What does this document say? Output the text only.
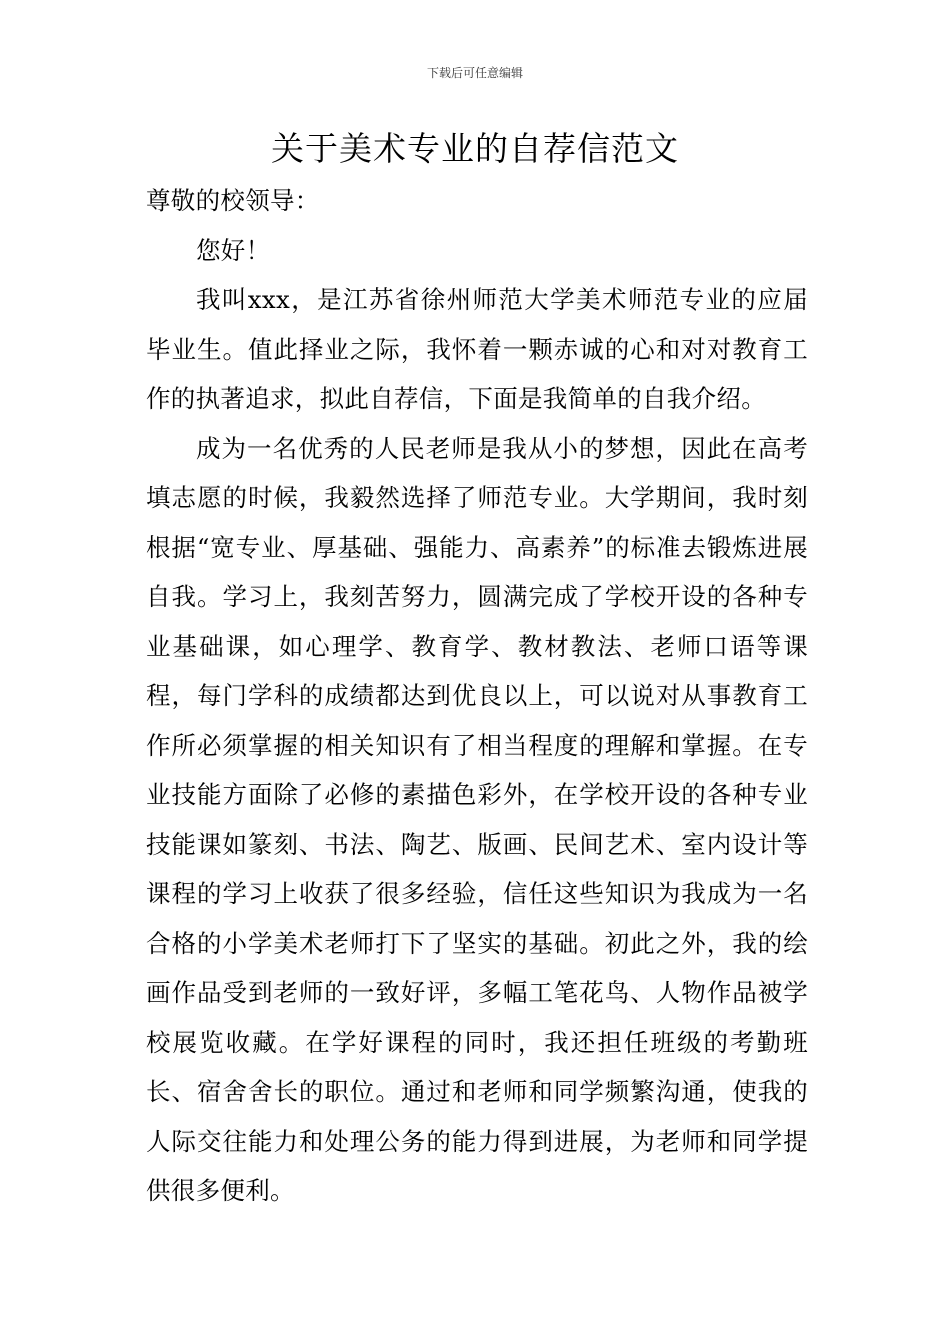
下载后可任意编辑
关于美术专业的自荐信范文

尊敬的校领导：

您好！

我叫xxx，是江苏省徐州师范大学美术师范专业的应届毕业生。值此择业之际，我怀着一颗赤诚的心和对对教育工作的执著追求，拟此自荐信，下面是我简单的自我介绍。

成为一名优秀的人民老师是我从小的梦想，因此在高考填志愿的时候，我毅然选择了师范专业。大学期间，我时刻根据“宽专业、厚基础、强能力、高素养”的标准去锻炼进展自我。学习上，我刻苦努力，圆满完成了学校开设的各种专业基础课，如心理学、教育学、教材教法、老师口语等课程，每门学科的成绩都达到优良以上，可以说对从事教育工作所必须掌握的相关知识有了相当程度的理解和掌握。在专业技能方面除了必修的素描色彩外，在学校开设的各种专业技能课如篆刻、书法、陶艺、版画、民间艺术、室内设计等课程的学习上收获了很多经验，信任这些知识为我成为一名合格的小学美术老师打下了坚实的基础。初此之外，我的绘画作品受到老师的一致好评，多幅工笔花鸟、人物作品被学校展览收藏。在学好课程的同时，我还担任班级的考勤班长、宿舍舍长的职位。通过和老师和同学频繁沟通，使我的人际交往能力和处理公务的能力得到进展，为老师和同学提供很多便利。
